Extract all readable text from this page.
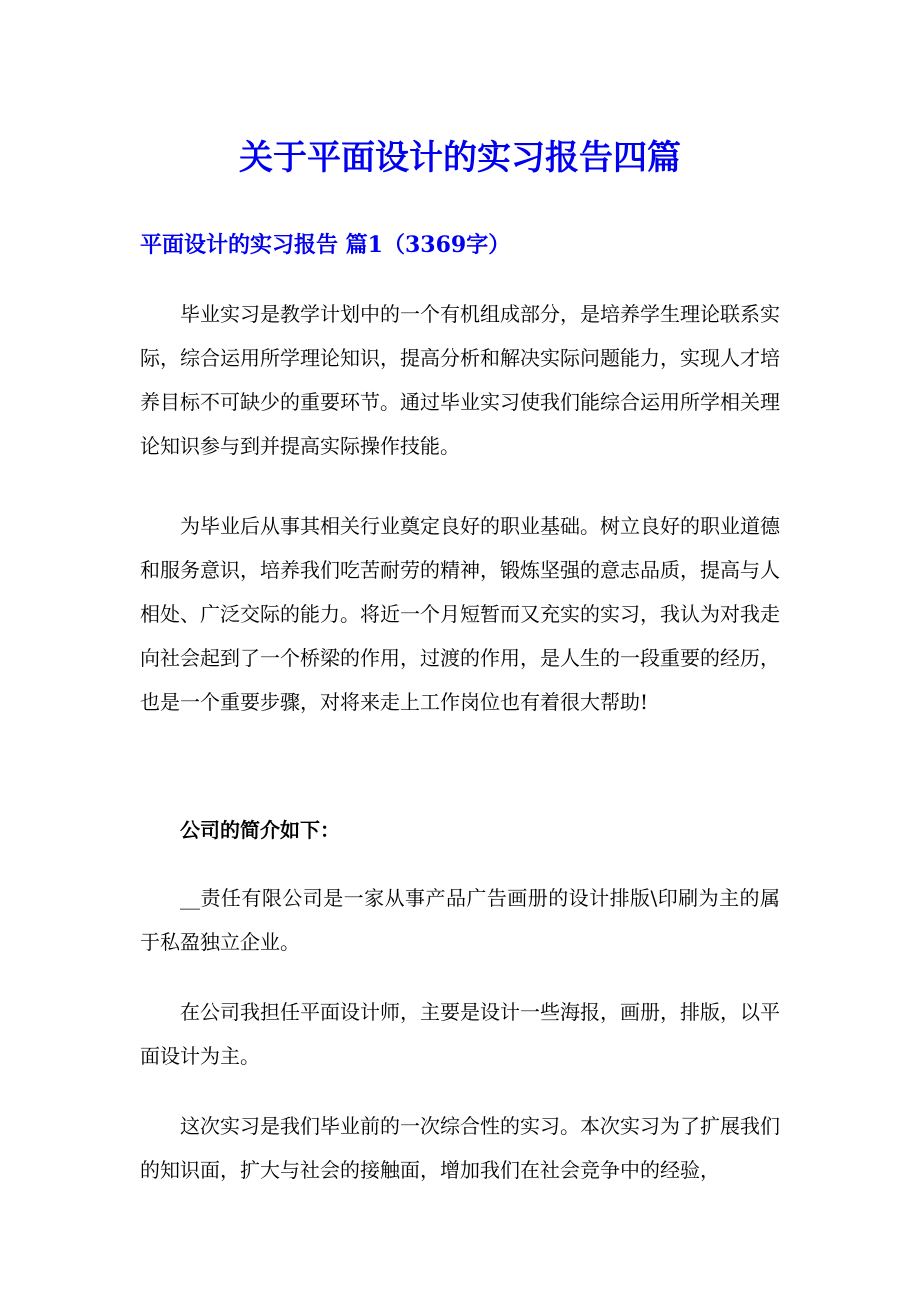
关于平面设计的实习报告四篇
平面设计的实习报告 篇1（3369字）

毕业实习是教学计划中的一个有机组成部分，是培养学生理论联系实际，综合运用所学理论知识，提高分析和解决实际问题能力，实现人才培养目标不可缺少的重要环节。通过毕业实习使我们能综合运用所学相关理论知识参与到并提高实际操作技能。

为毕业后从事其相关行业奠定良好的职业基础。树立良好的职业道德和服务意识，培养我们吃苦耐劳的精神，锻炼坚强的意志品质，提高与人相处、广泛交际的能力。将近一个月短暂而又充实的实习，我认为对我走向社会起到了一个桥梁的作用，过渡的作用，是人生的一段重要的经历，也是一个重要步骤，对将来走上工作岗位也有着很大帮助!

公司的简介如下：

__责任有限公司是一家从事产品广告画册的设计排版\印刷为主的属于私盈独立企业。

在公司我担任平面设计师，主要是设计一些海报，画册，排版，以平面设计为主。

这次实习是我们毕业前的一次综合性的实习。本次实习为了扩展我们的知识面，扩大与社会的接触面，增加我们在社会竞争中的经验，
